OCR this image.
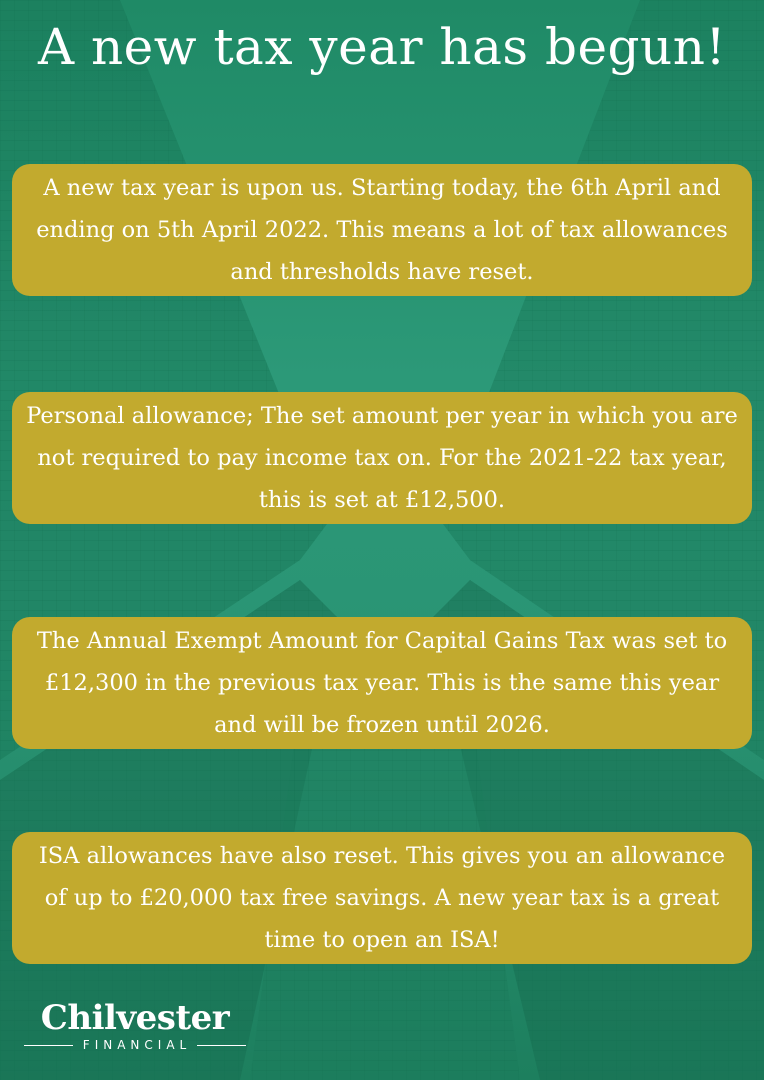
A new tax year has begun!

A new tax year is upon us. Starting today, the 6th April and ending on 5th April 2022. This means a lot of tax allowances and thresholds have reset.

Personal allowance; The set amount per year in which you are not required to pay income tax on. For the 2021-22 tax year, this is set at £12,500.

The Annual Exempt Amount for Capital Gains Tax was set to £12,300 in the previous tax year. This is the same this year and will be frozen until 2026.

ISA allowances have also reset. This gives you an allowance of up to £20,000 tax free savings. A new year tax is a great time to open an ISA!

Chilvester
FINANCIAL
